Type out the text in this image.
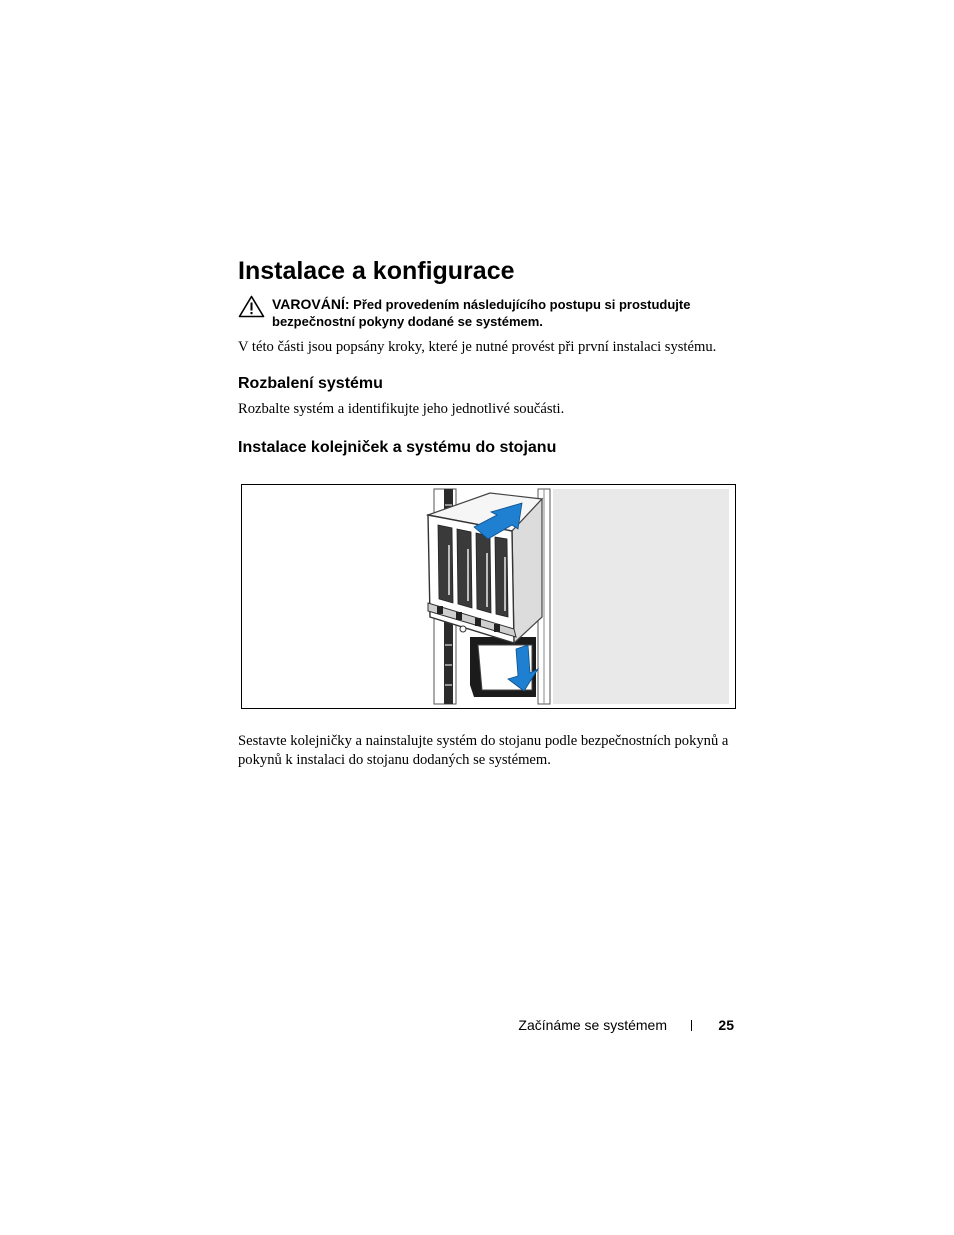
Instalace a konfigurace
VAROVÁNÍ: Před provedením následujícího postupu si prostudujte bezpečnostní pokyny dodané se systémem.

V této části jsou popsány kroky, které je nutné provést při první instalaci systému.

Rozbalení systému

Rozbalte systém a identifikujte jeho jednotlivé součásti.

Instalace kolejniček a systému do stojanu

Sestavte kolejničky a nainstalujte systém do stojanu podle bezpečnostních pokynů a pokynů k instalaci do stojanu dodaných se systémem.

Začínáme se systémem	25
